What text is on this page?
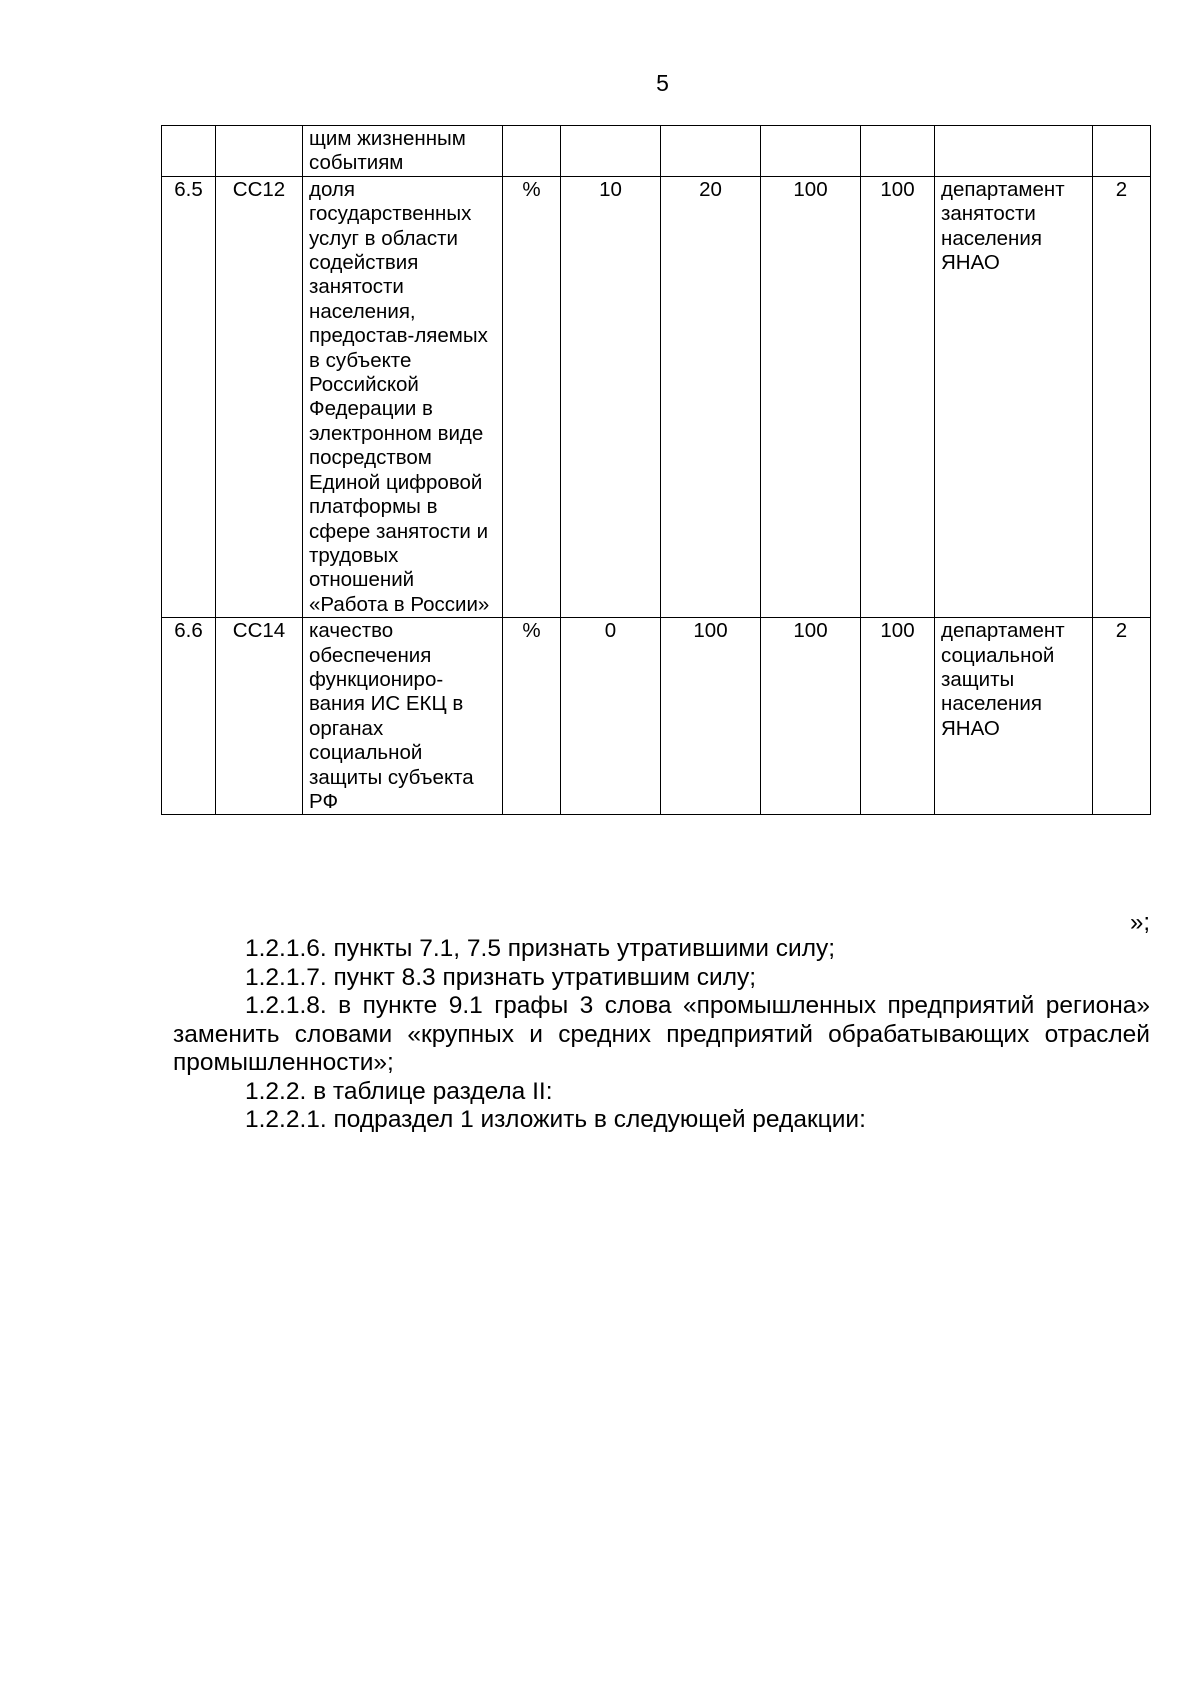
5
		щим жизненным событиям							
6.5	СС12	доля государственных услуг в области содействия занятости населения, предостав-ляемых в субъекте Российской Федерации в электронном виде посредством Единой цифровой платформы в сфере занятости и трудовых отношений «Работа в России»	%	10	20	100	100	департамент занятости населения ЯНАО	2
6.6	СС14	качество обеспечения функциониро-вания ИС ЕКЦ в органах социальной защиты субъекта РФ	%	0	100	100	100	департамент социальной защиты населения ЯНАО	2
»;

1.2.1.6. пункты 7.1, 7.5 признать утратившими силу;

1.2.1.7. пункт 8.3 признать утратившим силу;

1.2.1.8. в пункте 9.1 графы 3 слова «промышленных предприятий региона» заменить словами «крупных и средних предприятий обрабатывающих отраслей промышленности»;

1.2.2. в таблице раздела II:

1.2.2.1. подраздел 1 изложить в следующей редакции:
